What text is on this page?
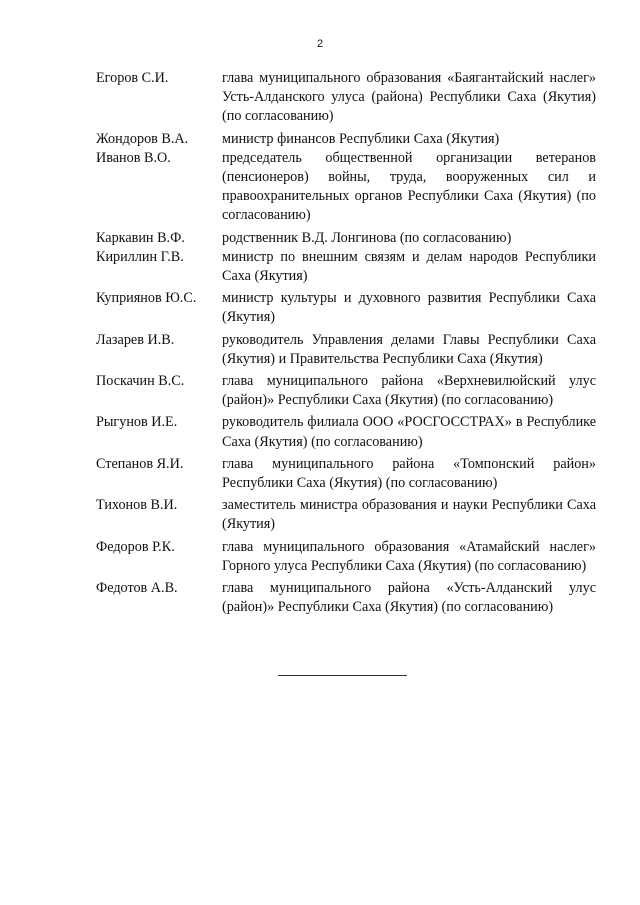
2
Егоров С.И.	глава муниципального образования «Баягантайский наслег» Усть-Алданского улуса (района) Республики Саха (Якутия) (по согласованию)
Жондоров В.А.	министр финансов Республики Саха (Якутия)
Иванов В.О.	председатель общественной организации ветеранов (пенсионеров) войны, труда, вооруженных сил и правоохранительных органов Республики Саха (Якутия) (по согласованию)
Каркавин В.Ф.	родственник В.Д. Лонгинова (по согласованию)
Кириллин Г.В.	министр по внешним связям и делам народов Республики Саха (Якутия)
Куприянов Ю.С.	министр культуры и духовного развития Республики Саха (Якутия)
Лазарев И.В.	руководитель Управления делами Главы Республики Саха (Якутия) и Правительства Республики Саха (Якутия)
Поскачин В.С.	глава муниципального района «Верхневилюйский улус (район)» Республики Саха (Якутия) (по согласованию)
Рыгунов И.Е.	руководитель филиала ООО «РОСГОССТРАХ» в Республике Саха (Якутия) (по согласованию)
Степанов Я.И.	глава муниципального района «Томпонский район» Республики Саха (Якутия) (по согласованию)
Тихонов В.И.	заместитель министра образования и науки Республики Саха (Якутия)
Федоров Р.К.	глава муниципального образования «Атамайский наслег» Горного улуса Республики Саха (Якутия) (по согласованию)
Федотов А.В.	глава муниципального района «Усть-Алданский улус (район)» Республики Саха (Якутия) (по согласованию)
